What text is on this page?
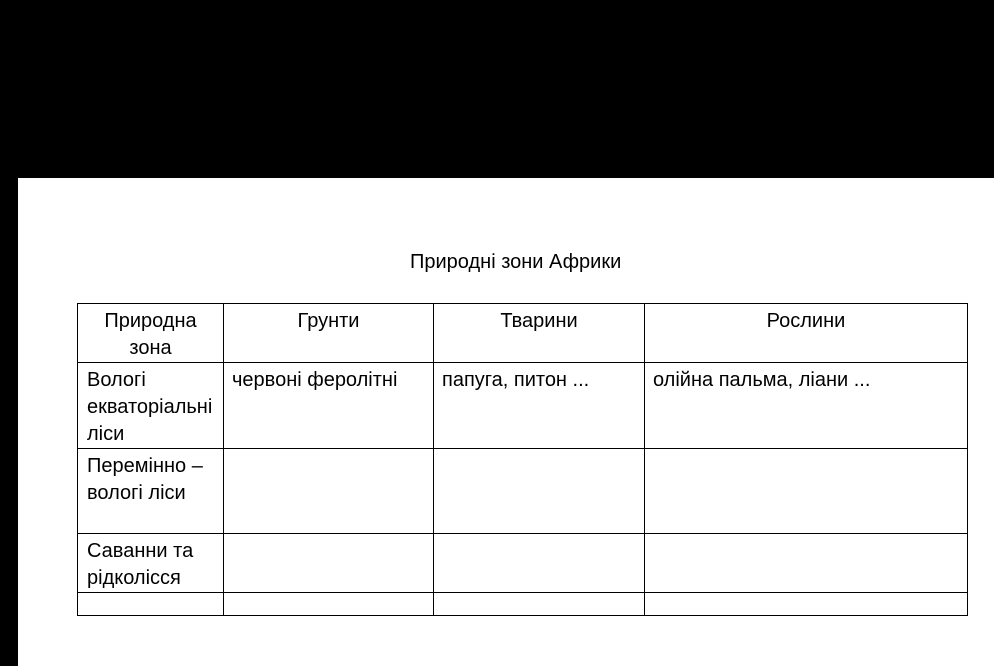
Природні зони Африки
Природна зона	Грунти	Тварини	Рослини
Вологі екваторіальні ліси	червоні феролітні	папуга, питон ...	олійна пальма, ліани ...
Перемінно – вологі ліси			
Саванни та рідколісся			
